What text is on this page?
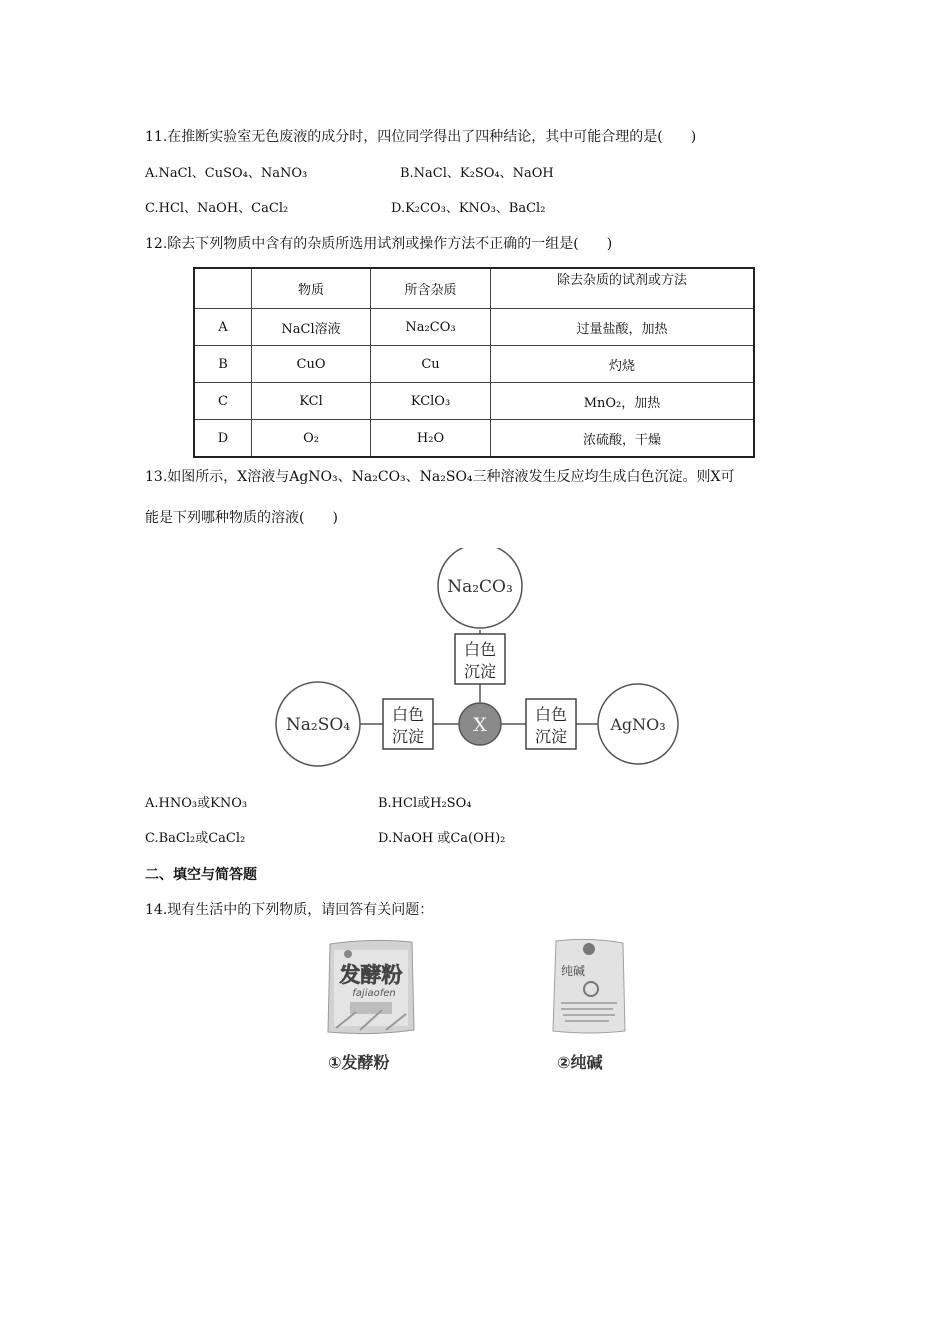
11.在推断实验室无色废液的成分时，四位同学得出了四种结论，其中可能合理的是(　　)
A.NaCl、CuSO₄、NaNO₃	B.NaCl、K₂SO₄、NaOH
C.HCl、NaOH、CaCl₂	D.K₂CO₃、KNO₃、BaCl₂
12.除去下列物质中含有的杂质所选用试剂或操作方法不正确的一组是(　　)
	物质	所含杂质	除去杂质的试剂或方法
A	NaCl溶液	Na₂CO₃	过量盐酸，加热
B	CuO	Cu	灼烧
C	KCl	KClO₃	MnO₂，加热
D	O₂	H₂O	浓硫酸，干燥
13.如图所示，X溶液与AgNO₃、Na₂CO₃、Na₂SO₄三种溶液发生反应均生成白色沉淀。则X可
能是下列哪种物质的溶液(　　)
Na₂CO₃
Na₂SO₄	AgNO₃
X
白色
沉淀
白色
沉淀
白色
沉淀
A.HNO₃或KNO₃	B.HCl或H₂SO₄
C.BaCl₂或CaCl₂	D.NaOH 或Ca(OH)₂
二、填空与简答题
14.现有生活中的下列物质，请回答有关问题：
发酵粉
fajiaofen
纯碱
①发酵粉	②纯碱
